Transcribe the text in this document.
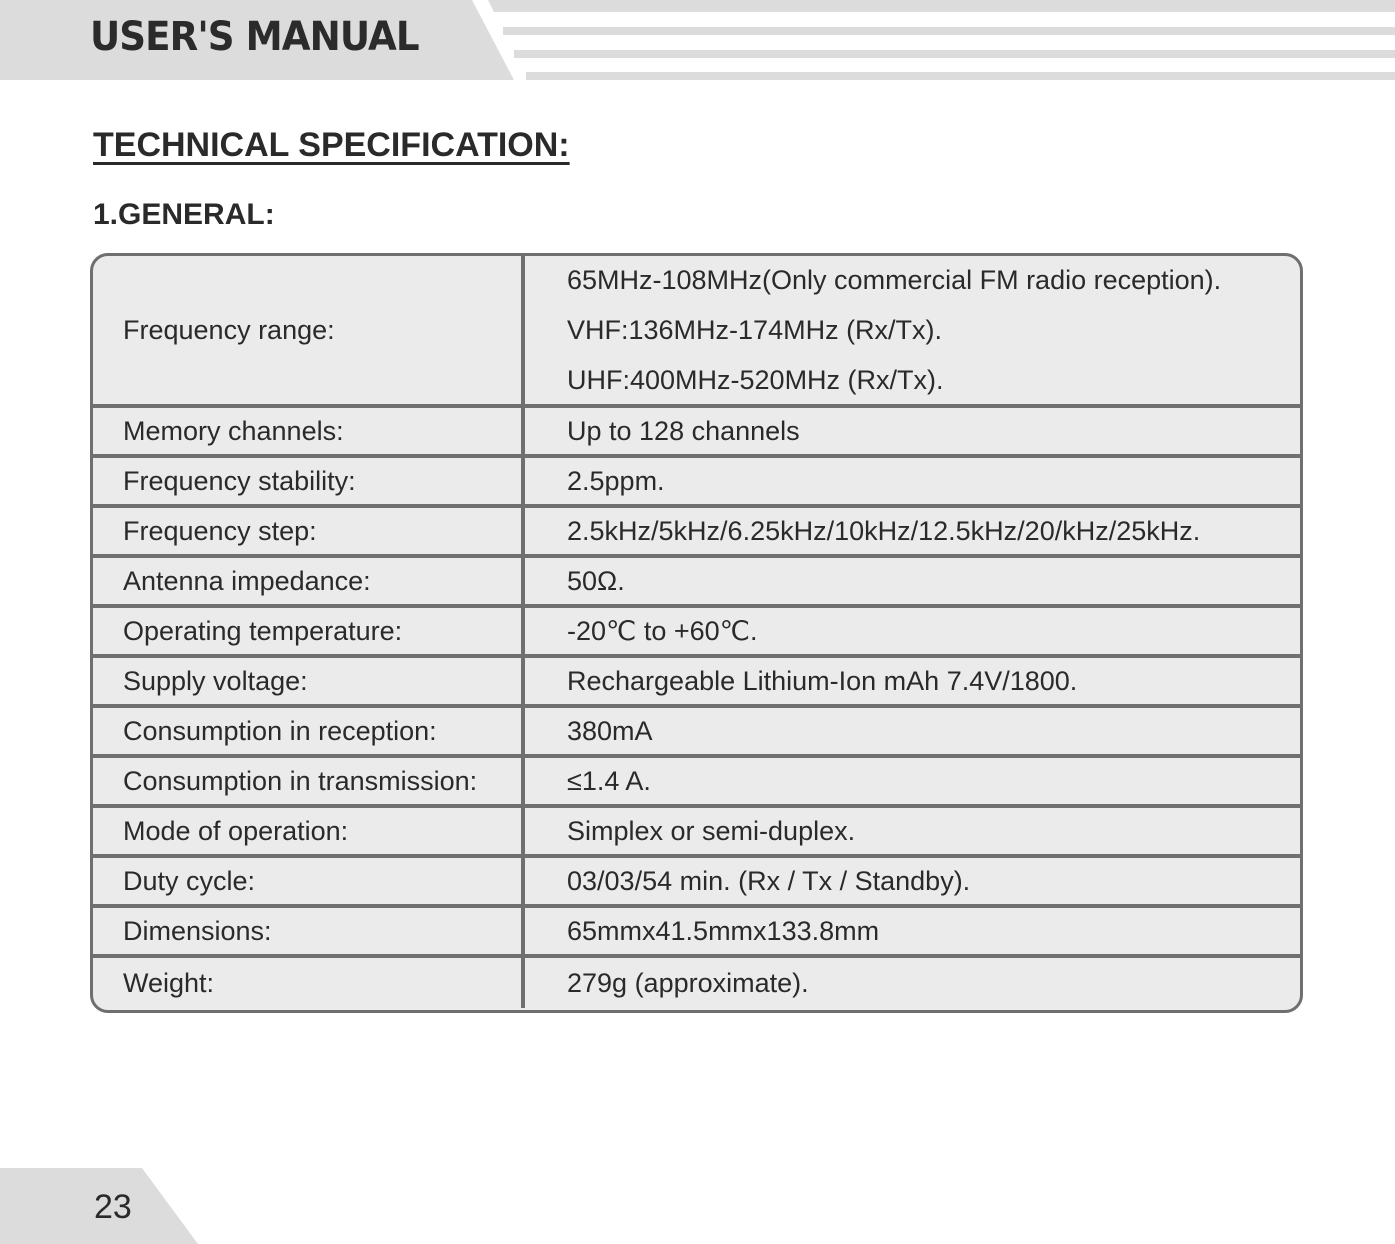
USER'S MANUAL
TECHNICAL SPECIFICATION:
1.GENERAL:
Frequency range:
65MHz-108MHz(Only commercial FM radio reception).
VHF:136MHz-174MHz (Rx/Tx).
UHF:400MHz-520MHz (Rx/Tx).
Memory channels:	Up to 128 channels
Frequency stability:	2.5ppm.
Frequency step:	2.5kHz/5kHz/6.25kHz/10kHz/12.5kHz/20/kHz/25kHz.
Antenna impedance:	50Ω.
Operating temperature:	-20℃ to +60℃.
Supply voltage:	Rechargeable Lithium-Ion mAh 7.4V/1800.
Consumption in reception:	380mA
Consumption in transmission:	≤1.4 A.
Mode of operation:	Simplex or semi-duplex.
Duty cycle:	03/03/54 min. (Rx / Tx / Standby).
Dimensions:	65mmx41.5mmx133.8mm
Weight:	279g (approximate).
23
